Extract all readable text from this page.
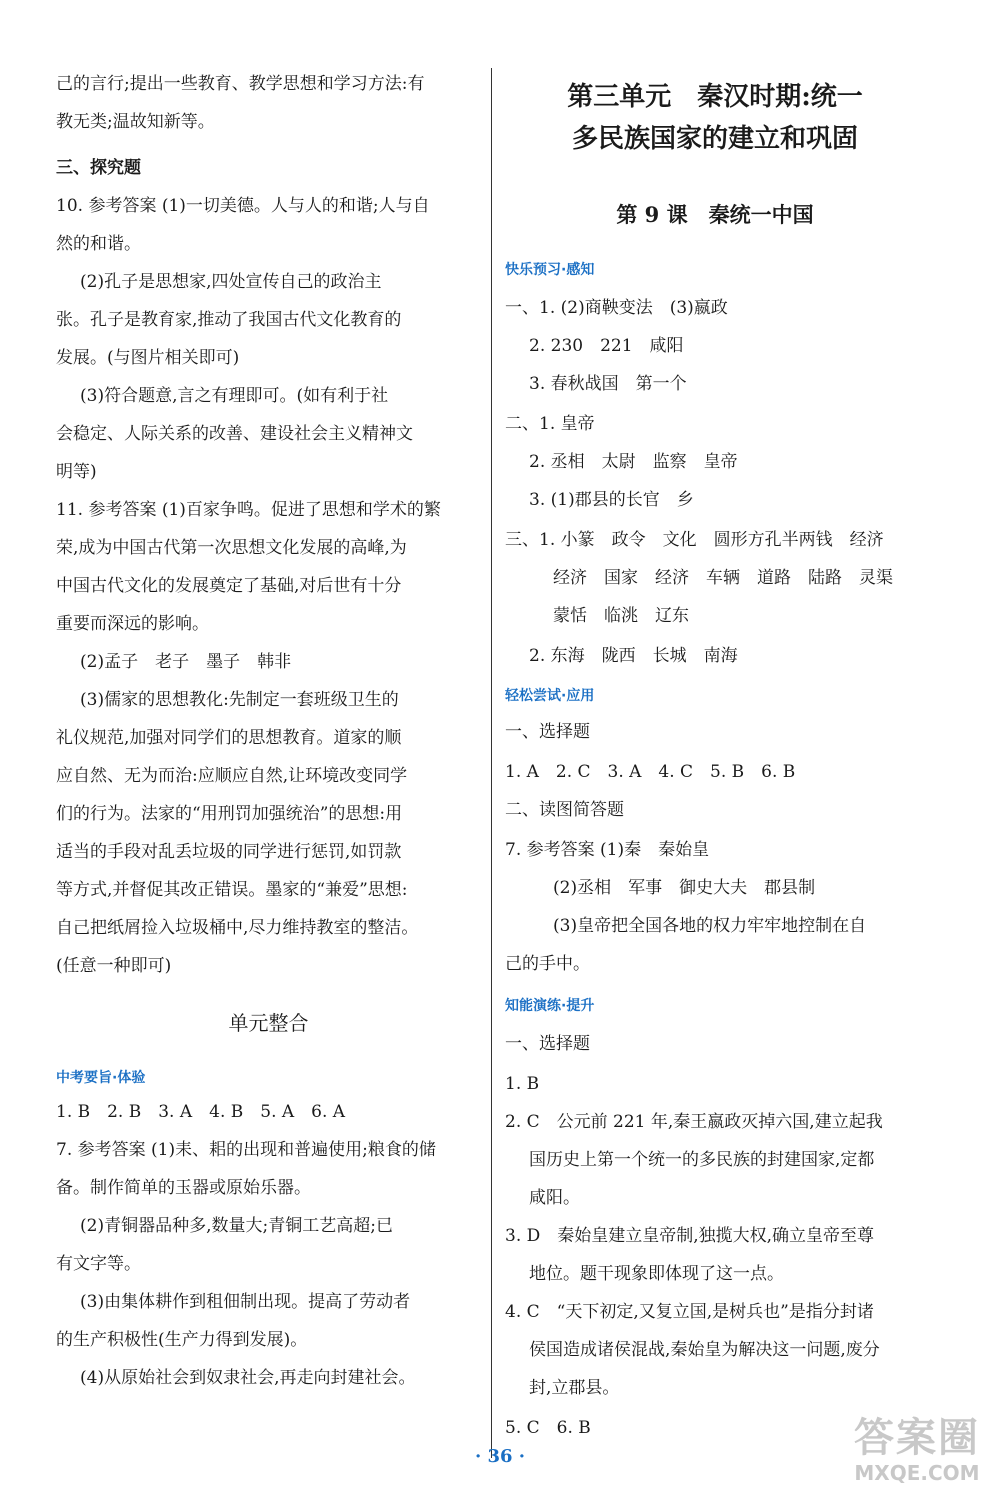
己的言行;提出一些教育、教学思想和学习方法:有
教无类;温故知新等。
三、探究题
10. 参考答案 (1)一切美德。人与人的和谐;人与自
然的和谐。
(2)孔子是思想家,四处宣传自己的政治主
张。孔子是教育家,推动了我国古代文化教育的
发展。(与图片相关即可)
(3)符合题意,言之有理即可。(如有利于社
会稳定、人际关系的改善、建设社会主义精神文
明等)
11. 参考答案 (1)百家争鸣。促进了思想和学术的繁
荣,成为中国古代第一次思想文化发展的高峰,为
中国古代文化的发展奠定了基础,对后世有十分
重要而深远的影响。
(2)孟子　老子　墨子　韩非
(3)儒家的思想教化:先制定一套班级卫生的
礼仪规范,加强对同学们的思想教育。道家的顺
应自然、无为而治:应顺应自然,让环境改变同学
们的行为。法家的“用刑罚加强统治”的思想:用
适当的手段对乱丢垃圾的同学进行惩罚,如罚款
等方式,并督促其改正错误。墨家的“兼爱”思想:
自己把纸屑捡入垃圾桶中,尽力维持教室的整洁。
(任意一种即可)
单元整合
中考要旨·体验
1. B　2. B　3. A　4. B　5. A　6. A
7. 参考答案 (1)耒、耜的出现和普遍使用;粮食的储
备。制作简单的玉器或原始乐器。
(2)青铜器品种多,数量大;青铜工艺高超;已
有文字等。
(3)由集体耕作到租佃制出现。提高了劳动者
的生产积极性(生产力得到发展)。
(4)从原始社会到奴隶社会,再走向封建社会。
第三单元　秦汉时期:统一
多民族国家的建立和巩固
第 9 课　秦统一中国
快乐预习·感知
一、1. (2)商鞅变法　(3)嬴政
2. 230　221　咸阳
3. 春秋战国　第一个
二、1. 皇帝
2. 丞相　太尉　监察　皇帝
3. (1)郡县的长官　乡
三、1. 小篆　政令　文化　圆形方孔半两钱　经济
经济　国家　经济　车辆　道路　陆路　灵渠
蒙恬　临洮　辽东
2. 东海　陇西　长城　南海
轻松尝试·应用
一、选择题
1. A　2. C　3. A　4. C　5. B　6. B
二、读图简答题
7. 参考答案 (1)秦　秦始皇
(2)丞相　军事　御史大夫　郡县制
(3)皇帝把全国各地的权力牢牢地控制在自
己的手中。
知能演练·提升
一、选择题
1. B
2. C　公元前 221 年,秦王嬴政灭掉六国,建立起我
国历史上第一个统一的多民族的封建国家,定都
咸阳。
3. D　秦始皇建立皇帝制,独揽大权,确立皇帝至尊
地位。题干现象即体现了这一点。
4. C　“天下初定,又复立国,是树兵也”是指分封诸
侯国造成诸侯混战,秦始皇为解决这一问题,废分
封,立郡县。
5. C　6. B
· 36 ·	答案圈
MXQE.COM
